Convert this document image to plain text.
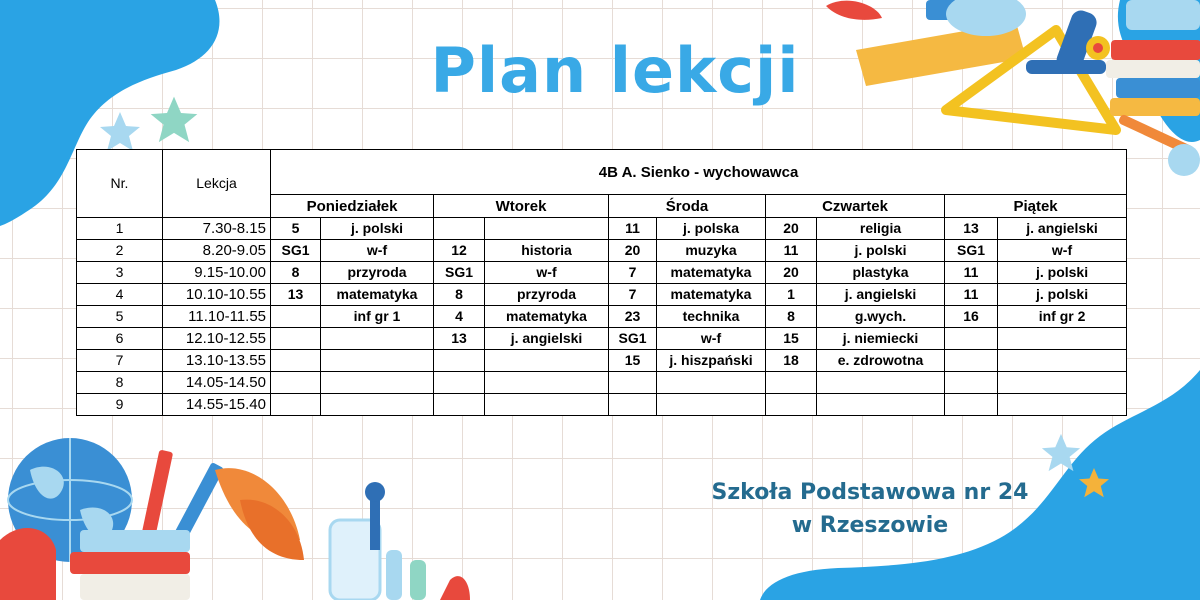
Plan lekcji
Nr.	Lekcja	4B A. Sienko - wychowawca									
		Poniedziałek		Wtorek		Środa		Czwartek		Piątek	
1	7.30-8.15	5	j. polski			11	j. polska	20	religia	13	j. angielski
2	8.20-9.05	SG1	w-f	12	historia	20	muzyka	11	j. polski	SG1	w-f
3	9.15-10.00	8	przyroda	SG1	w-f	7	matematyka	20	plastyka	11	j. polski
4	10.10-10.55	13	matematyka	8	przyroda	7	matematyka	1	j. angielski	11	j. polski
5	11.10-11.55		inf gr 1	4	matematyka	23	technika	8	g.wych.	16	inf gr 2
6	12.10-12.55			13	j. angielski	SG1	w-f	15	j. niemiecki		
7	13.10-13.55					15	j. hiszpański	18	e. zdrowotna		
8	14.05-14.50										
9	14.55-15.40										
Szkoła Podstawowa nr 24
w Rzeszowie
